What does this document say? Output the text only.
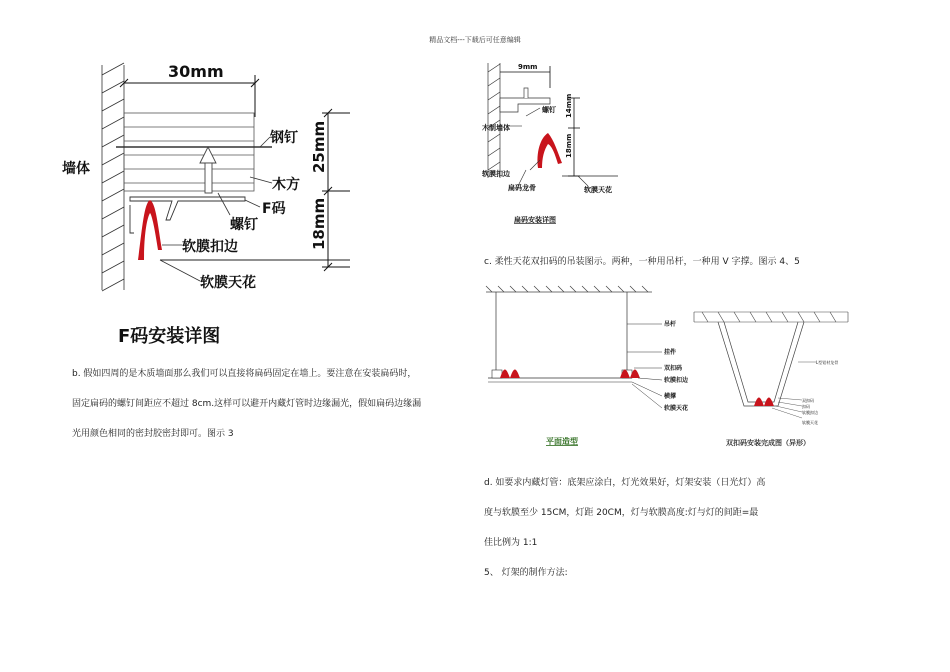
精品文档---下载后可任意编辑
30mm
25mm
18mm
墙体
钢钉
木方
F码
螺钉
软膜扣边
软膜天花
F码安装详图
9mm
14mm
18mm
螺钉
木制墙体
软膜扣边
扁码龙骨	软膜天花
扁码安装详图
c. 柔性天花双扣码的吊装图示。两种，一种用吊杆，一种用 V 字撑。图示 4、5
吊杆
挂件
双扣码
软膜扣边
横撑
软膜天花
平面造型
L型铝材龙骨
双扣码
扣码
软膜扣边
软膜天花
双扣码安装完成图（异形）
b. 假如四周的是木质墙面那么我们可以直接将扁码固定在墙上。要注意在安装扁码时，
固定扁码的螺钉间距应不超过 8cm.这样可以避开内藏灯管时边缘漏光，假如扁码边缘漏
光用颜色相同的密封胶密封即可。图示 3
d. 如要求内藏灯管：底架应涂白，灯光效果好，灯架安装（日光灯）高
度与软膜至少 15CM，灯距 20CM，灯与软膜高度:灯与灯的间距=最
佳比例为 1:1
5、 灯架的制作方法:
